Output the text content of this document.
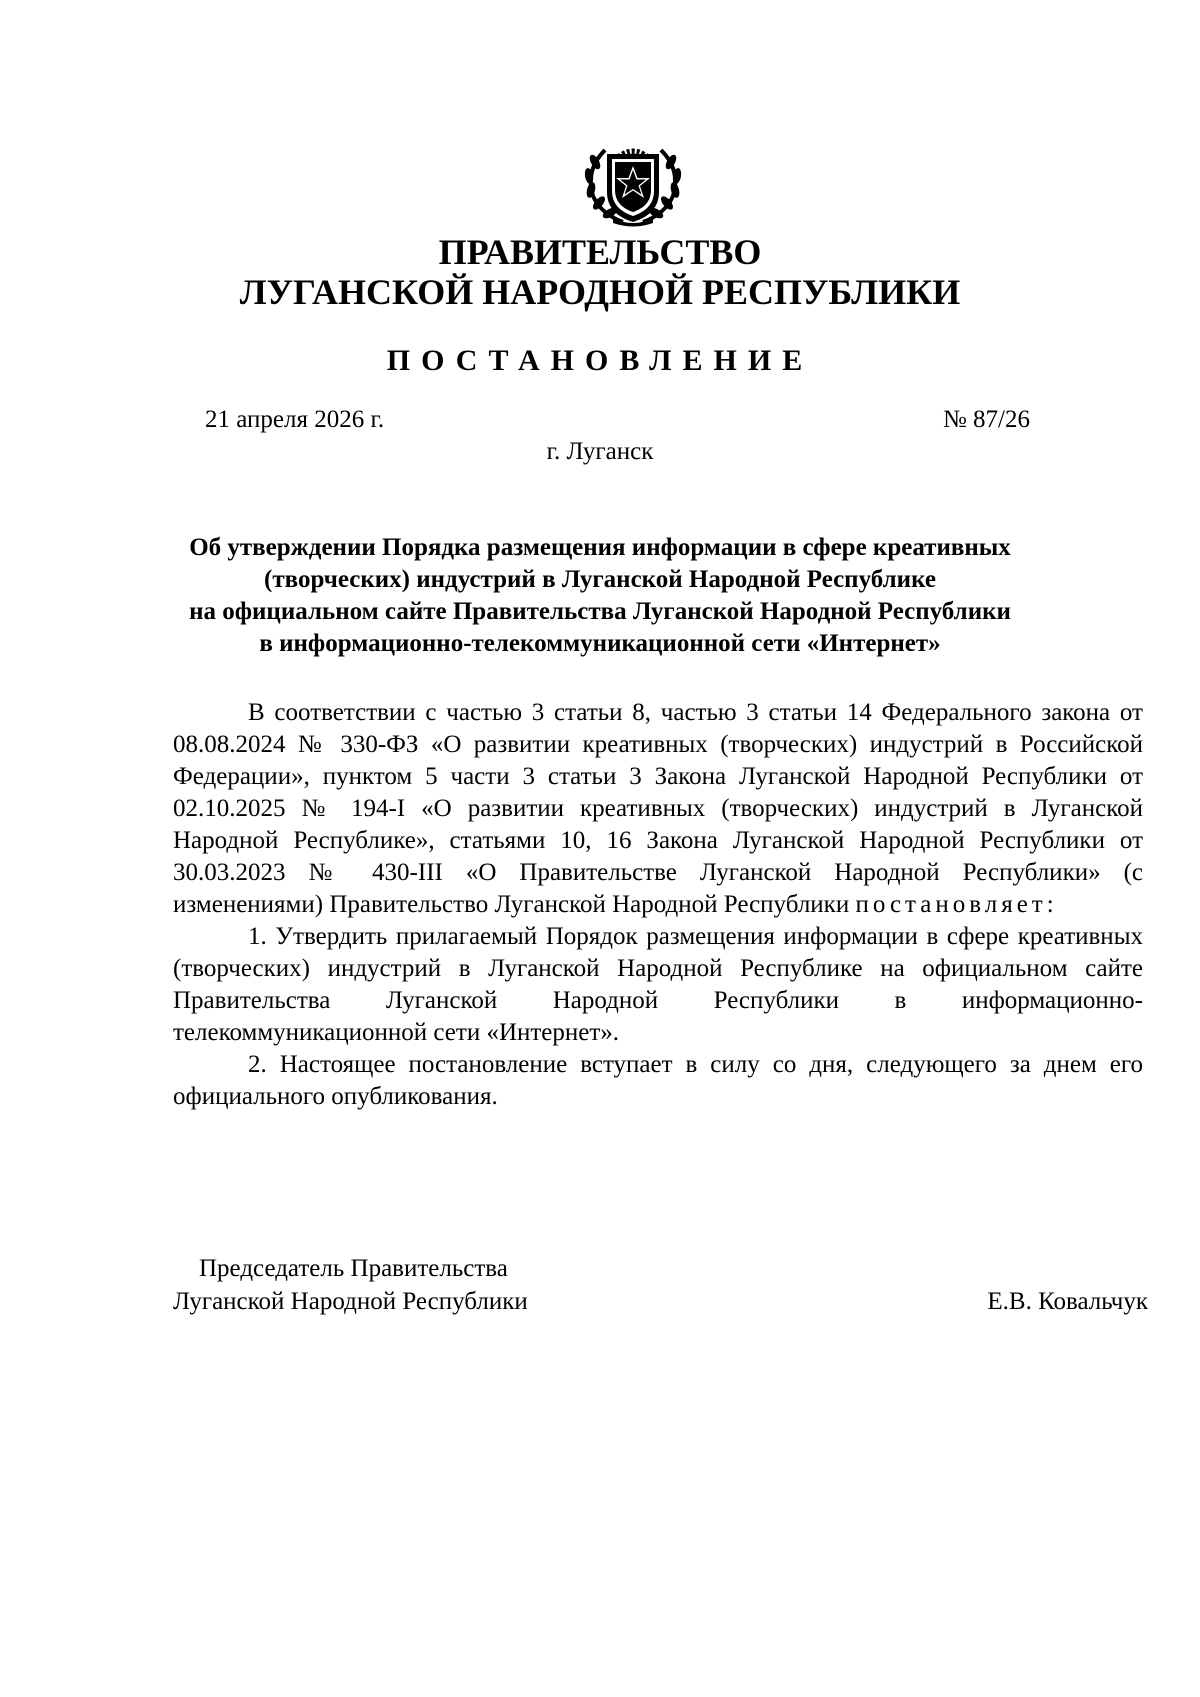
ПРАВИТЕЛЬСТВО
ЛУГАНСКОЙ НАРОДНОЙ РЕСПУБЛИКИ
ПОСТАНОВЛЕНИЕ
21 апреля 2026 г.	№ 87/26
г. Луганск
Об утверждении Порядка размещения информации в сфере креативных
(творческих) индустрий в Луганской Народной Республике
на официальном сайте Правительства Луганской Народной Республики
в информационно-телекоммуникационной сети «Интернет»

В соответствии с частью 3 статьи 8, частью 3 статьи 14 Федерального закона от 08.08.2024 № 330-ФЗ «О развитии креативных (творческих) индустрий в Российской Федерации», пунктом 5 части 3 статьи 3 Закона Луганской Народной Республики от 02.10.2025 № 194-I «О развитии креативных (творческих) индустрий в Луганской Народной Республике», статьями 10, 16 Закона Луганской Народной Республики от 30.03.2023 № 430-III «О Правительстве Луганской Народной Республики» (с изменениями) Правительство Луганской Народной Республики постановляет:

1. Утвердить прилагаемый Порядок размещения информации в сфере креативных (творческих) индустрий в Луганской Народной Республике на официальном сайте Правительства Луганской Народной Республики в информационно-телекоммуникационной сети «Интернет».

2. Настоящее постановление вступает в силу со дня, следующего за днем его официального опубликования.

Председатель Правительства
Луганской Народной Республики	Е.В. Ковальчук
